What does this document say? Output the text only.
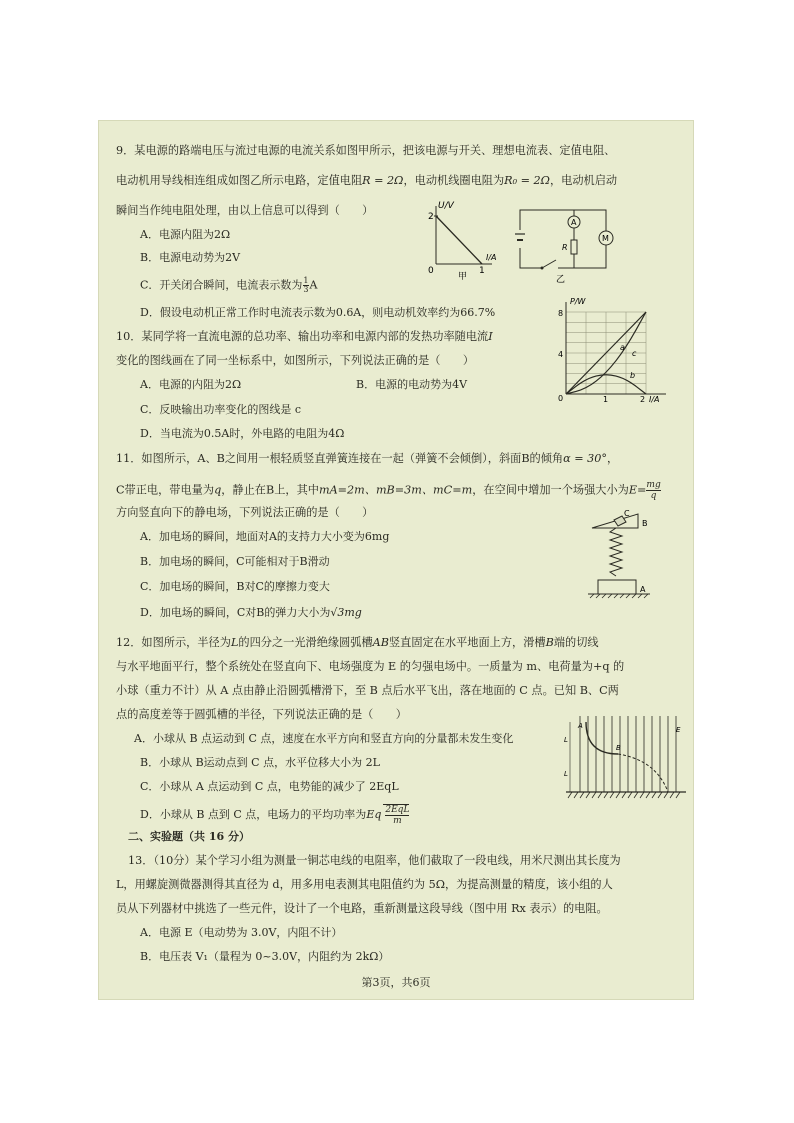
9．某电源的路端电压与流过电源的电流关系如图甲所示，把该电源与开关、理想电流表、定值电阻、
电动机用导线相连组成如图乙所示电路，定值电阻R = 2Ω，电动机线圈电阻为R₀ = 2Ω，电动机启动
瞬间当作纯电阻处理，由以上信息可以得到（　　）
A．电源内阻为2Ω
B．电源电动势为2V
C．开关闭合瞬间，电流表示数为 $\frac{1}{3}$ A
D．假设电动机正常工作时电流表示数为0.6A，则电动机效率约为66.7%
2
U/V
0	1
I/A
甲
A
R
M
乙
10．某同学将一直流电源的总功率、输出功率和电源内部的发热功率随电流I
变化的图线画在了同一坐标系中，如图所示，下列说法正确的是（　　）
A．电源的内阻为2Ω	B．电源的电动势为4V
C．反映输出功率变化的图线是 c
D．当电流为0.5A时，外电路的电阻为4Ω
P/W
8
4
0	1	2 I/A
a
c
b
11．如图所示，A、B之间用一根轻质竖直弹簧连接在一起（弹簧不会倾倒），斜面B的倾角α = 30°，
C带正电，带电量为q，静止在B上，其中mA=2m、mB=3m、mC=m，在空间中增加一个场强大小为$E= \frac{mg}{q}$
方向竖直向下的静电场，下列说法正确的是（　　）
A．加电场的瞬间，地面对A的支持力大小变为6mg
B．加电场的瞬间，C可能相对于B滑动
C．加电场的瞬间，B对C的摩擦力变大
D．加电场的瞬间，C对B的弹力大小为√3mg
C
B
A
12．如图所示，半径为L的四分之一光滑绝缘圆弧槽AB竖直固定在水平地面上方，滑槽B端的切线
与水平地面平行，整个系统处在竖直向下、电场强度为 E 的匀强电场中。一质量为 m、电荷量为+q 的
小球（重力不计）从 A 点由静止沿圆弧槽滑下，至 B 点后水平飞出，落在地面的 C 点。已知 B、C两
点的高度差等于圆弧槽的半径，下列说法正确的是（　　）
A．小球从 B 点运动到 C 点，速度在水平方向和竖直方向的分量都未发生变化
B．小球从 B运动点到 C 点，水平位移大小为 2L
C．小球从 A 点运动到 C 点，电势能的减少了 2EqL
D．小球从 B 点到 C 点，电场力的平均功率为Eq 2EqL
m
A
B
E
L
L
二、实验题（共 16 分）
13．（10分）某个学习小组为测量一铜芯电线的电阻率，他们截取了一段电线，用米尺测出其长度为
L，用螺旋测微器测得其直径为 d，用多用电表测其电阻值约为 5Ω，为提高测量的精度，该小组的人
员从下列器材中挑选了一些元件，设计了一个电路，重新测量这段导线（图中用 Rx 表示）的电阻。
A．电源 E（电动势为 3.0V，内阻不计）
B．电压表 V₁（量程为 0~3.0V，内阻约为 2kΩ）
第3页，共6页
